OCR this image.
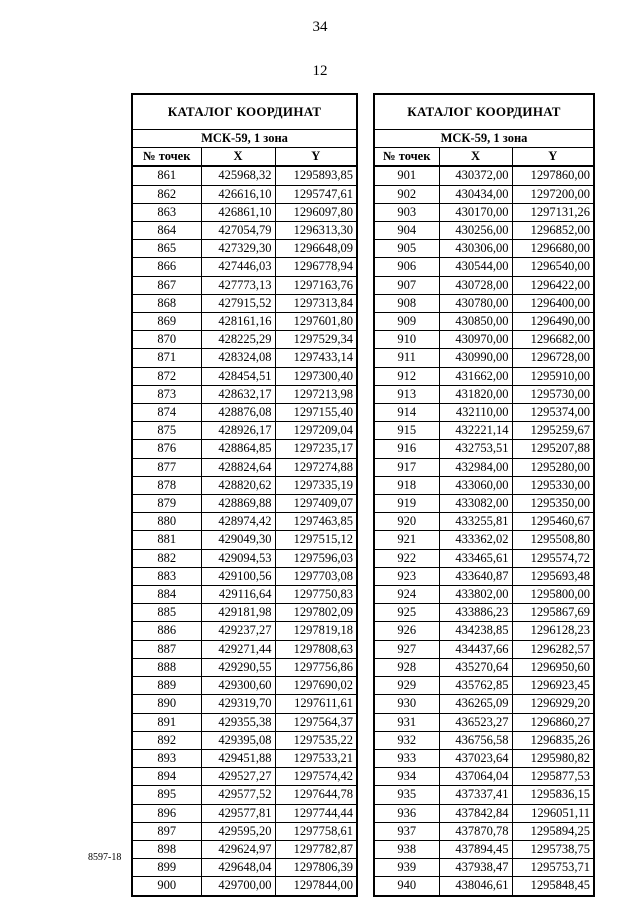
34
12
КАТАЛОГ КООРДИНАТ		
МСК-59, 1 зона		
№ точек	X	Y
861	425968,32	1295893,85
862	426616,10	1295747,61
863	426861,10	1296097,80
864	427054,79	1296313,30
865	427329,30	1296648,09
866	427446,03	1296778,94
867	427773,13	1297163,76
868	427915,52	1297313,84
869	428161,16	1297601,80
870	428225,29	1297529,34
871	428324,08	1297433,14
872	428454,51	1297300,40
873	428632,17	1297213,98
874	428876,08	1297155,40
875	428926,17	1297209,04
876	428864,85	1297235,17
877	428824,64	1297274,88
878	428820,62	1297335,19
879	428869,88	1297409,07
880	428974,42	1297463,85
881	429049,30	1297515,12
882	429094,53	1297596,03
883	429100,56	1297703,08
884	429116,64	1297750,83
885	429181,98	1297802,09
886	429237,27	1297819,18
887	429271,44	1297808,63
888	429290,55	1297756,86
889	429300,60	1297690,02
890	429319,70	1297611,61
891	429355,38	1297564,37
892	429395,08	1297535,22
893	429451,88	1297533,21
894	429527,27	1297574,42
895	429577,52	1297644,78
896	429577,81	1297744,44
897	429595,20	1297758,61
898	429624,97	1297782,87
899	429648,04	1297806,39
900	429700,00	1297844,00
КАТАЛОГ КООРДИНАТ		
МСК-59, 1 зона		
№ точек	X	Y
901	430372,00	1297860,00
902	430434,00	1297200,00
903	430170,00	1297131,26
904	430256,00	1296852,00
905	430306,00	1296680,00
906	430544,00	1296540,00
907	430728,00	1296422,00
908	430780,00	1296400,00
909	430850,00	1296490,00
910	430970,00	1296682,00
911	430990,00	1296728,00
912	431662,00	1295910,00
913	431820,00	1295730,00
914	432110,00	1295374,00
915	432221,14	1295259,67
916	432753,51	1295207,88
917	432984,00	1295280,00
918	433060,00	1295330,00
919	433082,00	1295350,00
920	433255,81	1295460,67
921	433362,02	1295508,80
922	433465,61	1295574,72
923	433640,87	1295693,48
924	433802,00	1295800,00
925	433886,23	1295867,69
926	434238,85	1296128,23
927	434437,66	1296282,57
928	435270,64	1296950,60
929	435762,85	1296923,45
930	436265,09	1296929,20
931	436523,27	1296860,27
932	436756,58	1296835,26
933	437023,64	1295980,82
934	437064,04	1295877,53
935	437337,41	1295836,15
936	437842,84	1296051,11
937	437870,78	1295894,25
938	437894,45	1295738,75
939	437938,47	1295753,71
940	438046,61	1295848,45
8597-18
